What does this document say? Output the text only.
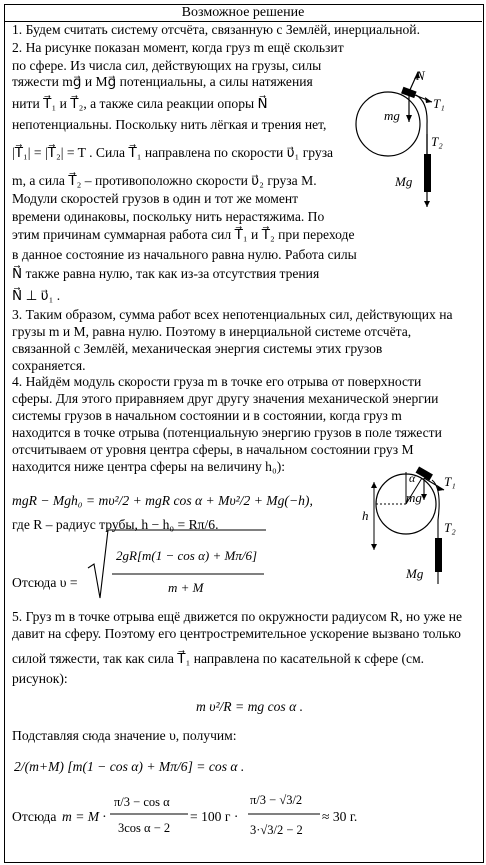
Возможное решение
1. Будем считать систему отсчёта, связанную с Землёй, инерциальной.
2. На рисунке показан момент, когда груз m ещё скользит
по сфере. Из числа сил, действующих на грузы, силы
тяжести mg⃗ и Mg⃗ потенциальны, а силы натяжения
нити T⃗₁ и T⃗₂, а также сила реакции опоры N⃗
непотенциальны. Поскольку нить лёгкая и трения нет,
|T⃗₁| = |T⃗₂| = T . Сила T⃗₁ направлена по скорости υ⃗₁ груза
m, а сила T⃗₂ – противоположно скорости υ⃗₂ груза M.
Модули скоростей грузов в один и тот же момент
времени одинаковы, поскольку нить нерастяжима. По
этим причинам суммарная работа сил T⃗₁ и T⃗₂ при переходе
в данное состояние из начального равна нулю. Работа силы
N⃗ также равна нулю, так как из-за отсутствия трения
N⃗ ⊥ υ⃗₁ .
N
T₁
mg
T₂
Mg
3. Таким образом, сумма работ всех непотенциальных сил, действующих на
грузы m и M, равна нулю. Поэтому в инерциальной системе отсчёта,
связанной с Землёй, механическая энергия системы этих грузов
сохраняется.
4. Найдём модуль скорости груза m в точке его отрыва от поверхности
сферы. Для этого приравняем друг другу значения механической энергии
системы грузов в начальном состоянии и в состоянии, когда груз m
находится в точке отрыва (потенциальную энергию грузов в поле тяжести
отсчитываем от уровня центра сферы, в начальном состоянии груз M
находится ниже центра сферы на величину h₀):
mgR − Mgh₀ = mυ²/2 + mgR cos α + Mυ²/2 + Mg(−h),
где R – радиус трубы, h − h₀ = Rπ/6.
Отсюда υ =
2gR[m(1 − cos α) + Mπ/6]
m + M
α T₁
mg
T₂
Mg
h
5. Груз m в точке отрыва ещё движется по окружности радиусом R, но уже не
давит на сферу. Поэтому его центростремительное ускорение вызвано только
силой тяжести, так как сила T⃗₁ направлена по касательной к сфере (см.
рисунок):
m υ²/R = mg cos α .
Подставляя сюда значение υ, получим:
2/(m+M) [m(1 − cos α) + Mπ/6] = cos α .
Отсюда m = M ·
π/3 − cos α
3cos α − 2
= 100 г ·
π/3 − √3/2
3·√3/2 − 2
≈ 30 г.
